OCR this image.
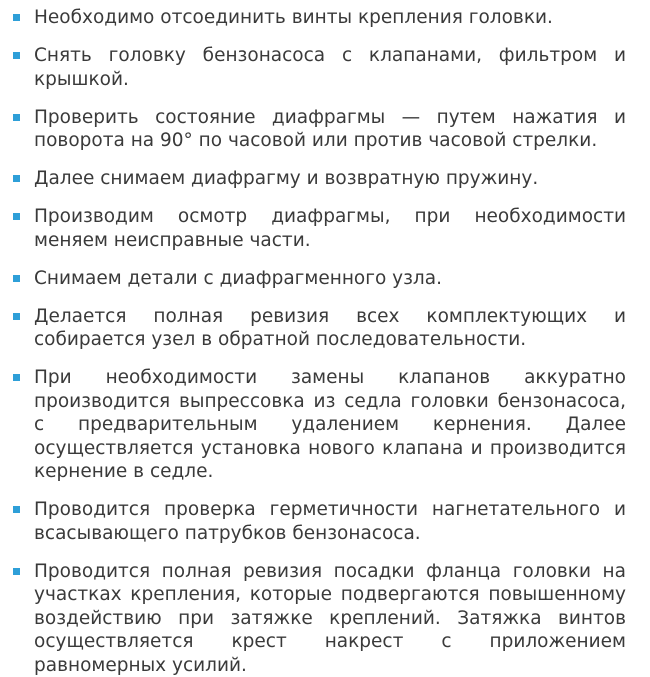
Необходимо отсоединить винты крепления головки.
Снять головку бензонасоса с клапанами, фильтром и крышкой.
Проверить состояние диафрагмы — путем нажатия и поворота на 90° по часовой или против часовой стрелки.
Далее снимаем диафрагму и возвратную пружину.
Производим осмотр диафрагмы, при необходимости меняем неисправные части.
Снимаем детали с диафрагменного узла.
Делается полная ревизия всех комплектующих и собирается узел в обратной последовательности.
При необходимости замены клапанов аккуратно производится выпрессовка из седла головки бензонасоса, с предварительным удалением кернения. Далее осуществляется установка нового клапана и производится кернение в седле.
Проводится проверка герметичности нагнетательного и всасывающего патрубков бензонасоса.
Проводится полная ревизия посадки фланца головки на участках крепления, которые подвергаются повышенному воздействию при затяжке креплений. Затяжка винтов осуществляется крест накрест с приложением равномерных усилий.
